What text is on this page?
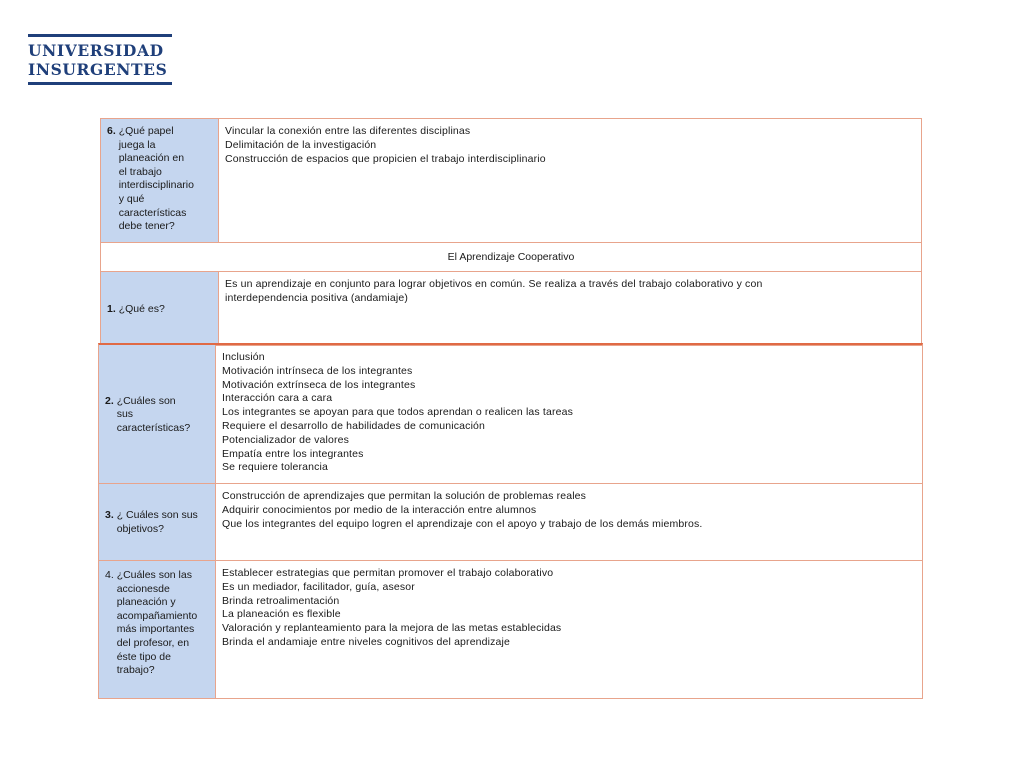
UNIVERSIDAD
INSURGENTES
6.
¿Qué papel
juega la
planeación en
el trabajo
interdisciplinario
y qué
características
debe tener?
Vincular la conexión entre las diferentes disciplinas
Delimitación de la investigación
Construcción de espacios que propicien el trabajo interdisciplinario
El Aprendizaje Cooperativo
1.
¿Qué es?
Es un aprendizaje en conjunto para lograr objetivos en común. Se realiza a través del trabajo colaborativo y con
interdependencia positiva (andamiaje)
2.
¿Cuáles son
sus
características?
Inclusión
Motivación intrínseca de los integrantes
Motivación extrínseca de los integrantes
Interacción cara a cara
Los integrantes se apoyan para que todos aprendan o realicen las tareas
Requiere el desarrollo de habilidades de comunicación
Potencializador de valores
Empatía entre los integrantes
Se requiere tolerancia
3.
¿ Cuáles son sus
objetivos?
Construcción de aprendizajes que permitan la solución de problemas reales
Adquirir conocimientos por medio de la interacción entre alumnos
Que los integrantes del equipo logren el aprendizaje con el apoyo y trabajo de los demás miembros.
4.
¿Cuáles son las
accionesde
planeación y
acompañamiento
más importantes
del profesor, en
éste tipo de
trabajo?
Establecer estrategias que permitan promover el trabajo colaborativo
Es un mediador, facilitador, guía, asesor
Brinda retroalimentación
La planeación es flexible
Valoración y replanteamiento para la mejora de las metas establecidas
Brinda el andamiaje entre niveles cognitivos del aprendizaje
